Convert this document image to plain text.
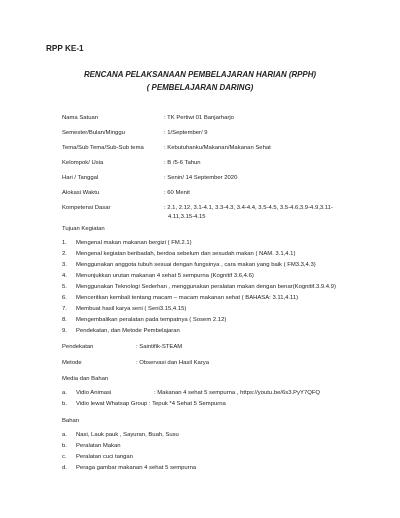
RPP KE-1
RENCANA PELAKSANAAN PEMBELAJARAN HARIAN (RPPH)
( PEMBELAJARAN DARING)
Nama Satuan	: TK Pertiwi 01 Banjarharjo
Semester/Bulan/Minggu	: 1/September/ 9
Tema/Sub Tema/Sub-Sub tema	: Kebutuhanku/Makanan/Makanan Sehat
Kelompok/ Usia	: B /5-6 Tahun
Hari / Tanggal	: Senin/ 14 September 2020
Alokasi Waktu	: 60 Menit
Kompetensi Dasar	: 2.1, 2.12, 3.1-4.1, 3.3-4.3, 3.4-4.4, 3.5-4.5, 3.5-4.6,3.9-4.9,3.11-
4.11,3.15-4.15
Tujuan Kegiatan
1. Mengenal makan makanan bergizi ( FM.2.1)
2. Mengenal kegiatan beribadah, berdoa sebelum dan sesudah makan ( NAM. 3.1,4.1)
3. Menggunakan anggota tubuh sesuai dengan fungsinya , cara makan yang baik ( FM3.3,4.3)
4. Menunjukkan urutan makanan 4 sehat 5 sempurna (Kognitif 3.6,4.6)
5. Menggunakan Teknologi Sederhan , menggunakan peralatan makan dengan benar(Kognitif.3.9.4.9)
6. Menceritkan kembali tentang macam – macam makanan sehat ( BAHASA: 3.11,4.11)
7. Membuat hasil karya seni ( Seni3.15,4.15)
8. Mengembalikan peralatan pada tempatnya ( Sosem 2.12)
9. Pendekatan, dan Metode Pembelajaran
Pendekatan	: Saintifik-STEAM
Metode	: Observasi dan Hasil Karya
Media dan Bahan
a. Vidio Animasi	: Makanan 4 sehat 5 sempurna , https://youtu.be/6s3.PyY7QFQ
b. Vidio lewat Whatsap Group : Tepuk *4 Sehat 5 Sempurna
Bahan
a. Nasi, Lauk pauk , Sayuran, Buah, Susu
b. Peralatan Makan
c. Peralatan cuci tangan
d. Peraga gambar makanan 4 sehat 5 sempurna
